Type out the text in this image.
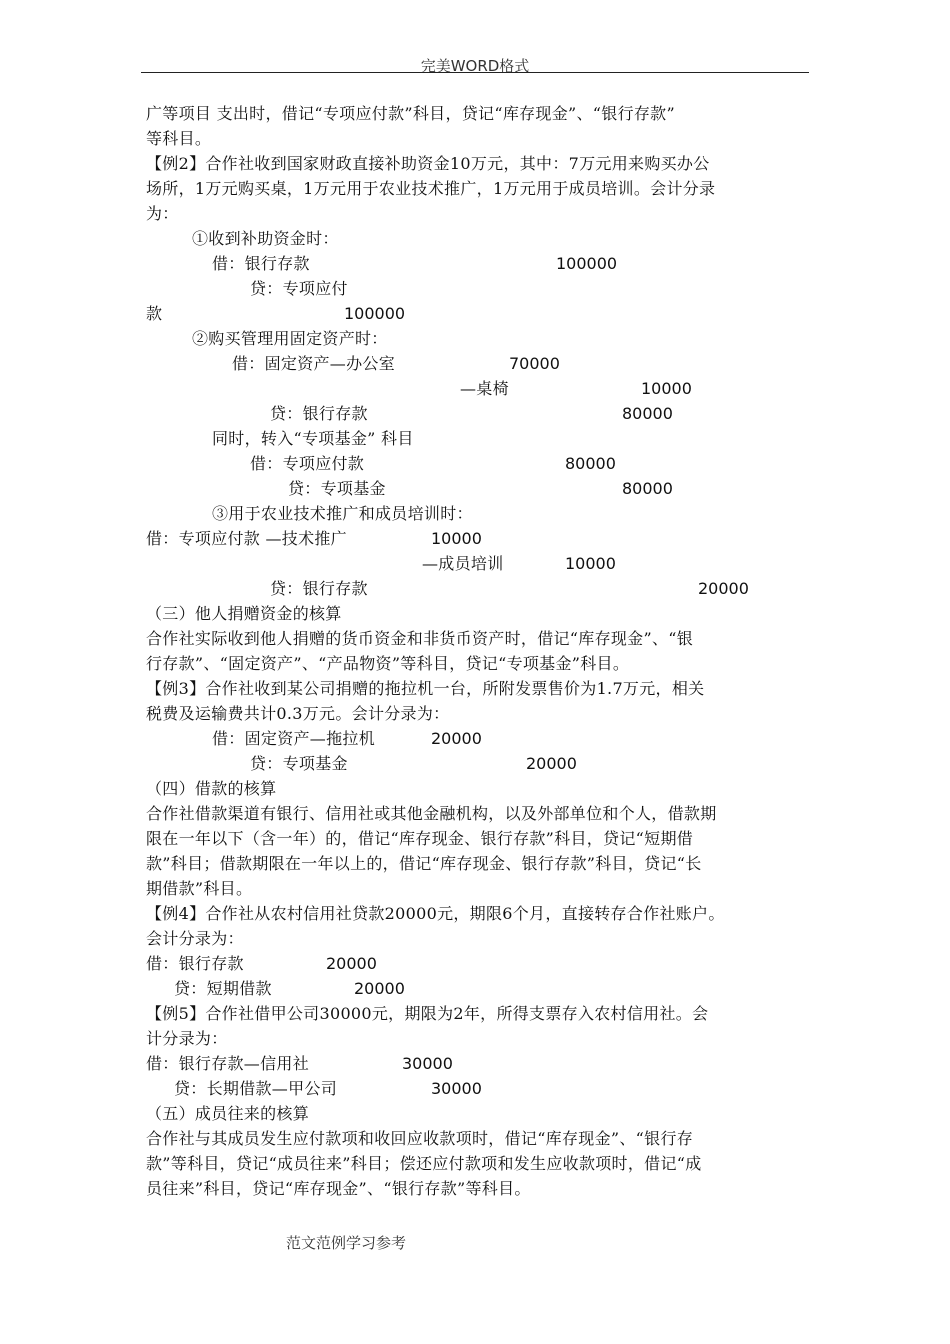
完美WORD格式
广等项目 支出时，借记“专项应付款”科目，贷记“库存现金”、“银行存款”
等科目。
【例2】合作社收到国家财政直接补助资金10万元，其中：7万元用来购买办公
场所，1万元购买桌，1万元用于农业技术推广，1万元用于成员培训。会计分录
为：
①收到补助资金时：
借：银行存款	100000
贷：专项应付
款	100000
②购买管理用固定资产时：
借：固定资产—办公室	70000
—桌椅	10000
贷：银行存款	80000
同时，转入“专项基金” 科目
借：专项应付款	80000
贷：专项基金	80000
③用于农业技术推广和成员培训时：
借：专项应付款 —技术推广	10000
—成员培训	10000
贷：银行存款	20000
（三）他人捐赠资金的核算
合作社实际收到他人捐赠的货币资金和非货币资产时，借记“库存现金”、“银
行存款”、“固定资产”、“产品物资”等科目，贷记“专项基金”科目。
【例3】合作社收到某公司捐赠的拖拉机一台，所附发票售价为1.7万元，相关
税费及运输费共计0.3万元。会计分录为：
借：固定资产—拖拉机	20000
贷：专项基金	20000
（四）借款的核算
合作社借款渠道有银行、信用社或其他金融机构，以及外部单位和个人，借款期
限在一年以下（含一年）的，借记“库存现金、银行存款”科目，贷记“短期借
款”科目；借款期限在一年以上的，借记“库存现金、银行存款”科目，贷记“长
期借款”科目。
【例4】合作社从农村信用社贷款20000元，期限6个月，直接转存合作社账户。
会计分录为：
借：银行存款	20000
贷：短期借款	20000
【例5】合作社借甲公司30000元，期限为2年，所得支票存入农村信用社。会
计分录为：
借：银行存款—信用社	30000
贷：长期借款—甲公司	30000
（五）成员往来的核算
合作社与其成员发生应付款项和收回应收款项时，借记“库存现金”、“银行存
款”等科目，贷记“成员往来”科目；偿还应付款项和发生应收款项时，借记“成
员往来”科目，贷记“库存现金”、“银行存款”等科目。
范文范例学习参考
